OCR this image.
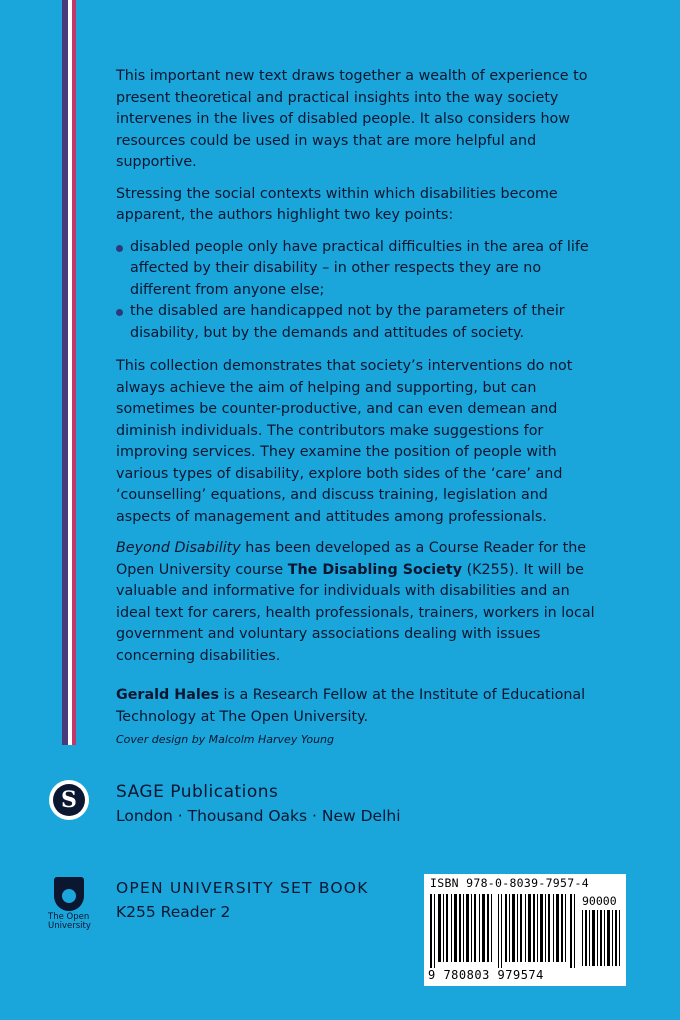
This important new text draws together a wealth of experience to present theoretical and practical insights into the way society intervenes in the lives of disabled people. It also considers how resources could be used in ways that are more helpful and supportive.

Stressing the social contexts within which disabilities become apparent, the authors highlight two key points:

disabled people only have practical difficulties in the area of life affected by their disability – in other respects they are no different from anyone else;
the disabled are handicapped not by the parameters of their disability, but by the demands and attitudes of society.

This collection demonstrates that society’s interventions do not always achieve the aim of helping and supporting, but can sometimes be counter-productive, and can even demean and diminish individuals. The contributors make suggestions for improving services. They examine the position of people with various types of disability, explore both sides of the ‘care’ and ‘counselling’ equations, and discuss training, legislation and aspects of management and attitudes among professionals.

Beyond Disability has been developed as a Course Reader for the Open University course The Disabling Society (K255). It will be valuable and informative for individuals with disabilities and an ideal text for carers, health professionals, trainers, workers in local government and voluntary associations dealing with issues concerning disabilities.

Gerald Hales is a Research Fellow at the Institute of Educational Technology at The Open University.

Cover design by Malcolm Harvey Young
S	SAGE Publications
London · Thousand Oaks · New Delhi
The Open
University
OPEN UNIVERSITY SET BOOK
K255 Reader 2
ISBN 978-0-8039-7957-4
90000
9 780803 979574
